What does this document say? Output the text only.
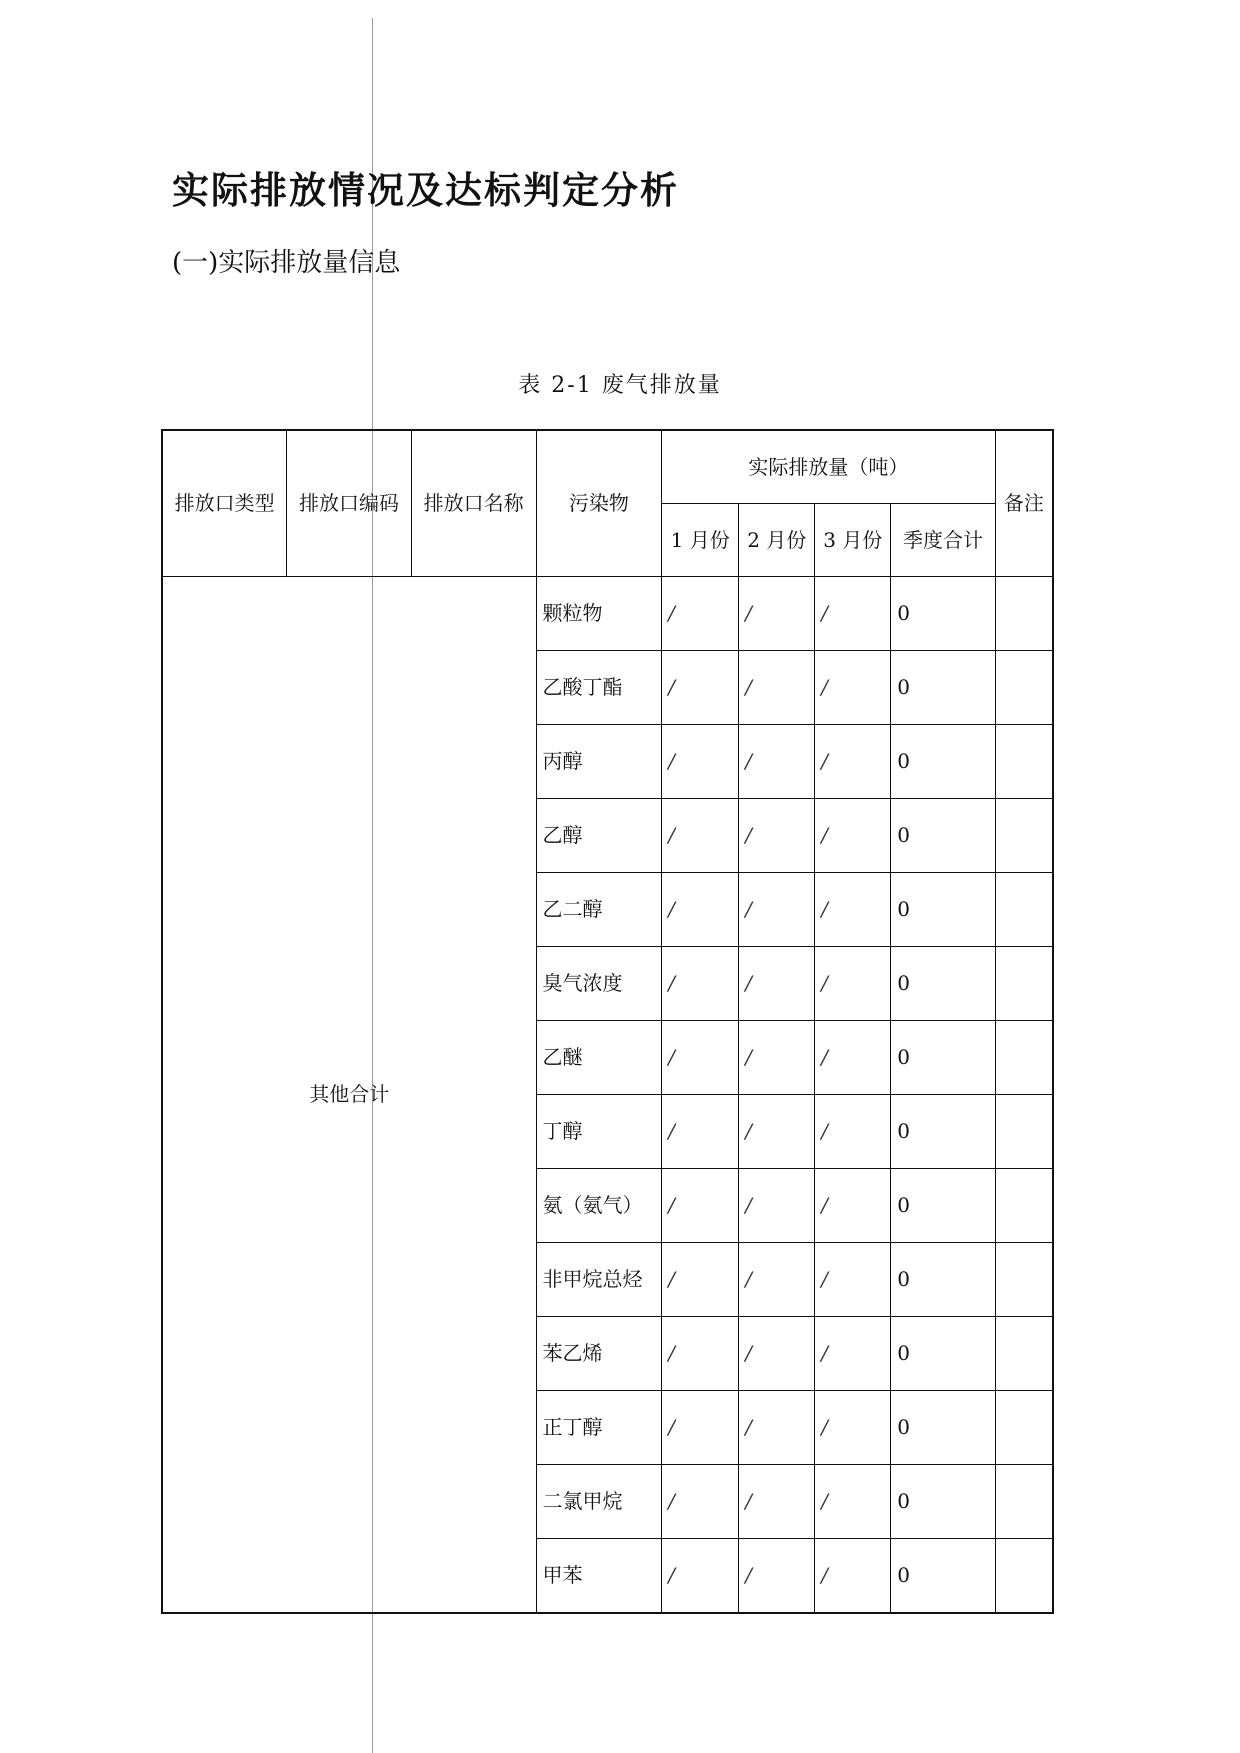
实际排放情况及达标判定分析

(一)实际排放量信息

表 2-1 废气排放量

排放口类型	排放口编码	排放口名称	污染物	实际排放量（吨）				备注
				1 月份	2 月份	3 月份	季度合计	
其他合计			颗粒物	/	/	/	0	
			乙酸丁酯	/	/	/	0	
			丙醇	/	/	/	0	
			乙醇	/	/	/	0	
			乙二醇	/	/	/	0	
			臭气浓度	/	/	/	0	
			乙醚	/	/	/	0	
			丁醇	/	/	/	0	
			氨（氨气）	/	/	/	0	
			非甲烷总烃	/	/	/	0	
			苯乙烯	/	/	/	0	
			正丁醇	/	/	/	0	
			二氯甲烷	/	/	/	0	
			甲苯	/	/	/	0	
